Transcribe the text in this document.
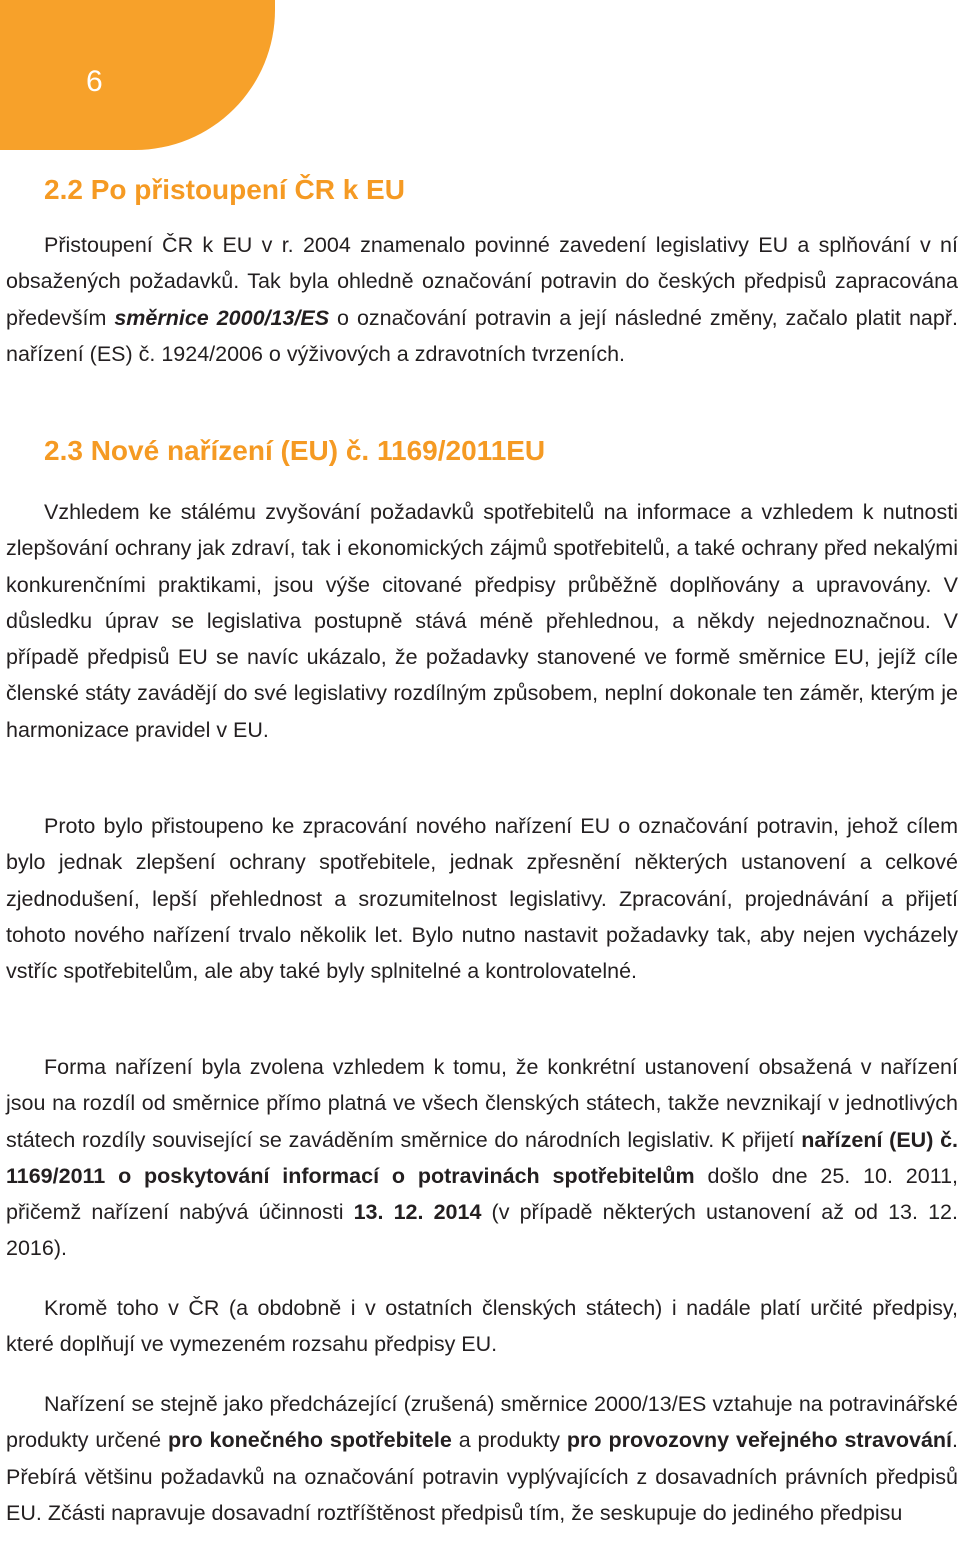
6
2.2 Po přistoupení ČR k EU

Přistoupení ČR k EU v r. 2004 znamenalo povinné zavedení legislativy EU a splňování v ní obsažených požadavků. Tak byla ohledně označování potravin do českých předpisů zapracována především směrnice 2000/13/ES o označování potravin a její následné změny, začalo platit např. nařízení (ES) č. 1924/2006 o výživových a zdravotních tvrzeních.

2.3 Nové nařízení (EU) č. 1169/2011EU

Vzhledem ke stálému zvyšování požadavků spotřebitelů na informace a vzhledem k nutnosti zlepšování ochrany jak zdraví, tak i ekonomických zájmů spotřebitelů, a také ochrany před nekalými konkurenčními praktikami, jsou výše citované předpisy průběžně doplňovány a upravovány. V důsledku úprav se legislativa postupně stává méně přehlednou, a někdy nejednoznačnou. V případě předpisů EU se navíc ukázalo, že požadavky stanovené ve formě směrnice EU, jejíž cíle členské státy zavádějí do své legislativy rozdílným způsobem, neplní dokonale ten záměr, kterým je harmonizace pravidel v EU.

Proto bylo přistoupeno ke zpracování nového nařízení EU o označování potravin, jehož cílem bylo jednak zlepšení ochrany spotřebitele, jednak zpřesnění některých ustanovení a celkové zjednodušení, lepší přehlednost a srozumitelnost legislativy. Zpracování, projednávání a přijetí tohoto nového nařízení trvalo několik let. Bylo nutno nastavit požadavky tak, aby nejen vycházely vstříc spotřebitelům, ale aby také byly splnitelné a kontrolovatelné.

Forma nařízení byla zvolena vzhledem k tomu, že konkrétní ustanovení obsažená v nařízení jsou na rozdíl od směrnice přímo platná ve všech členských státech, takže nevznikají v jednotlivých státech rozdíly související se zaváděním směrnice do národních legislativ. K přijetí nařízení (EU) č. 1169/2011 o poskytování informací o potravinách spotřebitelům došlo dne 25. 10. 2011, přičemž nařízení nabývá účinnosti 13. 12. 2014 (v případě některých ustanovení až od 13. 12. 2016).

Kromě toho v ČR (a obdobně i v ostatních členských státech) i nadále platí určité předpisy, které doplňují ve vymezeném rozsahu předpisy EU.

Nařízení se stejně jako předcházející (zrušená) směrnice 2000/13/ES vztahuje na potravinářské produkty určené pro konečného spotřebitele a produkty pro provozovny veřejného stravování. Přebírá většinu požadavků na označování potravin vyplývajících z dosavadních právních předpisů EU. Zčásti napravuje dosavadní roztříštěnost předpisů tím, že seskupuje do jediného předpisu
